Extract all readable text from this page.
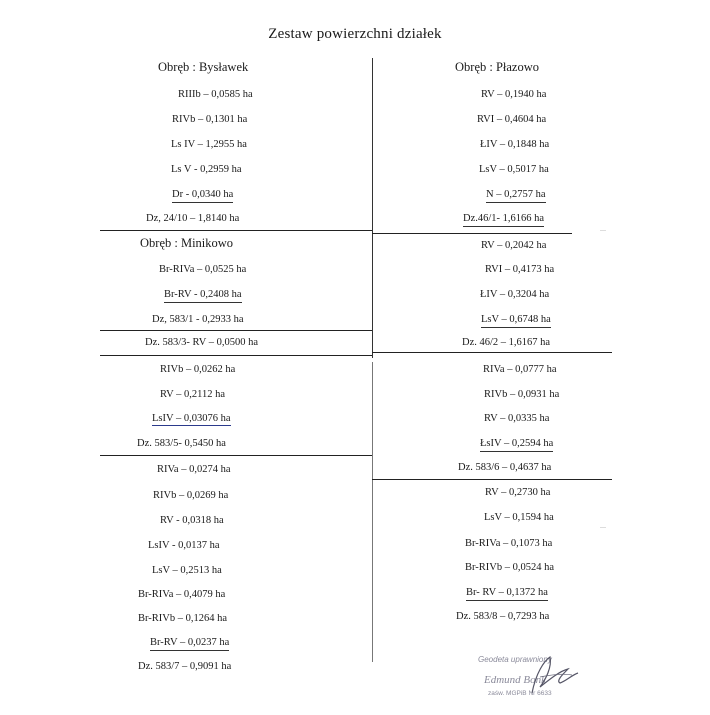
Zestaw powierzchni działek
Obręb : Bysławek
RIIIb – 0,0585 ha
RIVb – 0,1301 ha
Ls IV – 1,2955 ha
Ls V - 0,2959 ha
Dr - 0,0340 ha
Dz, 24/10 – 1,8140 ha
Obręb : Minikowo
Br-RIVa – 0,0525 ha
Br-RV - 0,2408 ha
Dz, 583/1 - 0,2933 ha
Dz. 583/3- RV – 0,0500 ha
RIVb – 0,0262 ha
RV – 0,2112 ha
LsIV – 0,03076 ha
Dz. 583/5- 0,5450 ha
RIVa – 0,0274 ha
RIVb – 0,0269 ha
RV - 0,0318 ha
LsIV - 0,0137 ha
LsV – 0,2513 ha
Br-RIVa – 0,4079 ha
Br-RIVb – 0,1264 ha
Br-RV – 0,0237 ha
Dz. 583/7 – 0,9091 ha
Obręb : Płazowo
RV – 0,1940 ha
RVI – 0,4604 ha
ŁIV – 0,1848 ha
LsV – 0,5017 ha
N – 0,2757 ha
Dz.46/1- 1,6166 ha
RV – 0,2042 ha
RVI – 0,4173 ha
ŁIV – 0,3204 ha
LsV – 0,6748 ha
Dz. 46/2 – 1,6167 ha
RIVa – 0,0777 ha
RIVb – 0,0931 ha
RV – 0,0335 ha
ŁsIV – 0,2594 ha
Dz. 583/6 – 0,4637 ha
RV – 0,2730 ha
LsV – 0,1594 ha
Br-RIVa – 0,1073 ha
Br-RIVb – 0,0524 ha
Br- RV – 0,1372 ha
Dz. 583/8 – 0,7293 ha
Geodeta uprawniony
Edmund Bonk
zaśw. MGPiB Nr 6633
